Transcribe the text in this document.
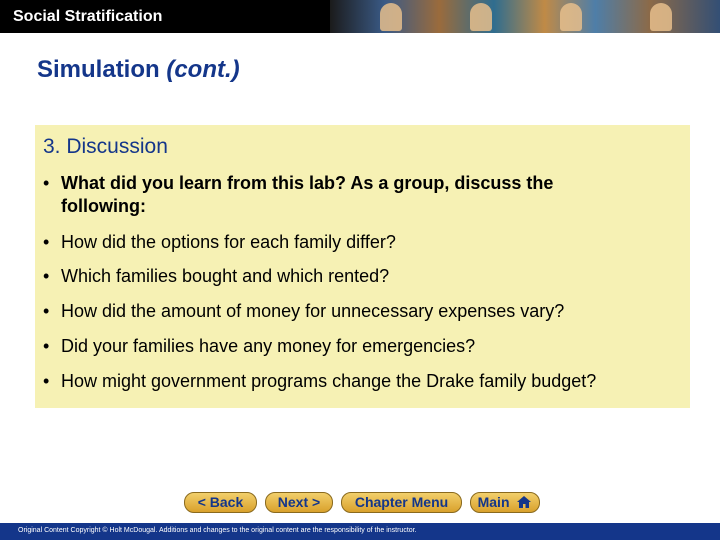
Social Stratification
Simulation (cont.)
3. Discussion
• What did you learn from this lab? As a group, discuss the
following:
• How did the options for each family differ?
• Which families bought and which rented?
• How did the amount of money for unnecessary expenses vary?
• Did your families have any money for emergencies?
• How might government programs change the Drake family budget?
< Back	Next >	Chapter Menu	Main
Original Content Copyright © Holt McDougal. Additions and changes to the original content are the responsibility of the instructor.
